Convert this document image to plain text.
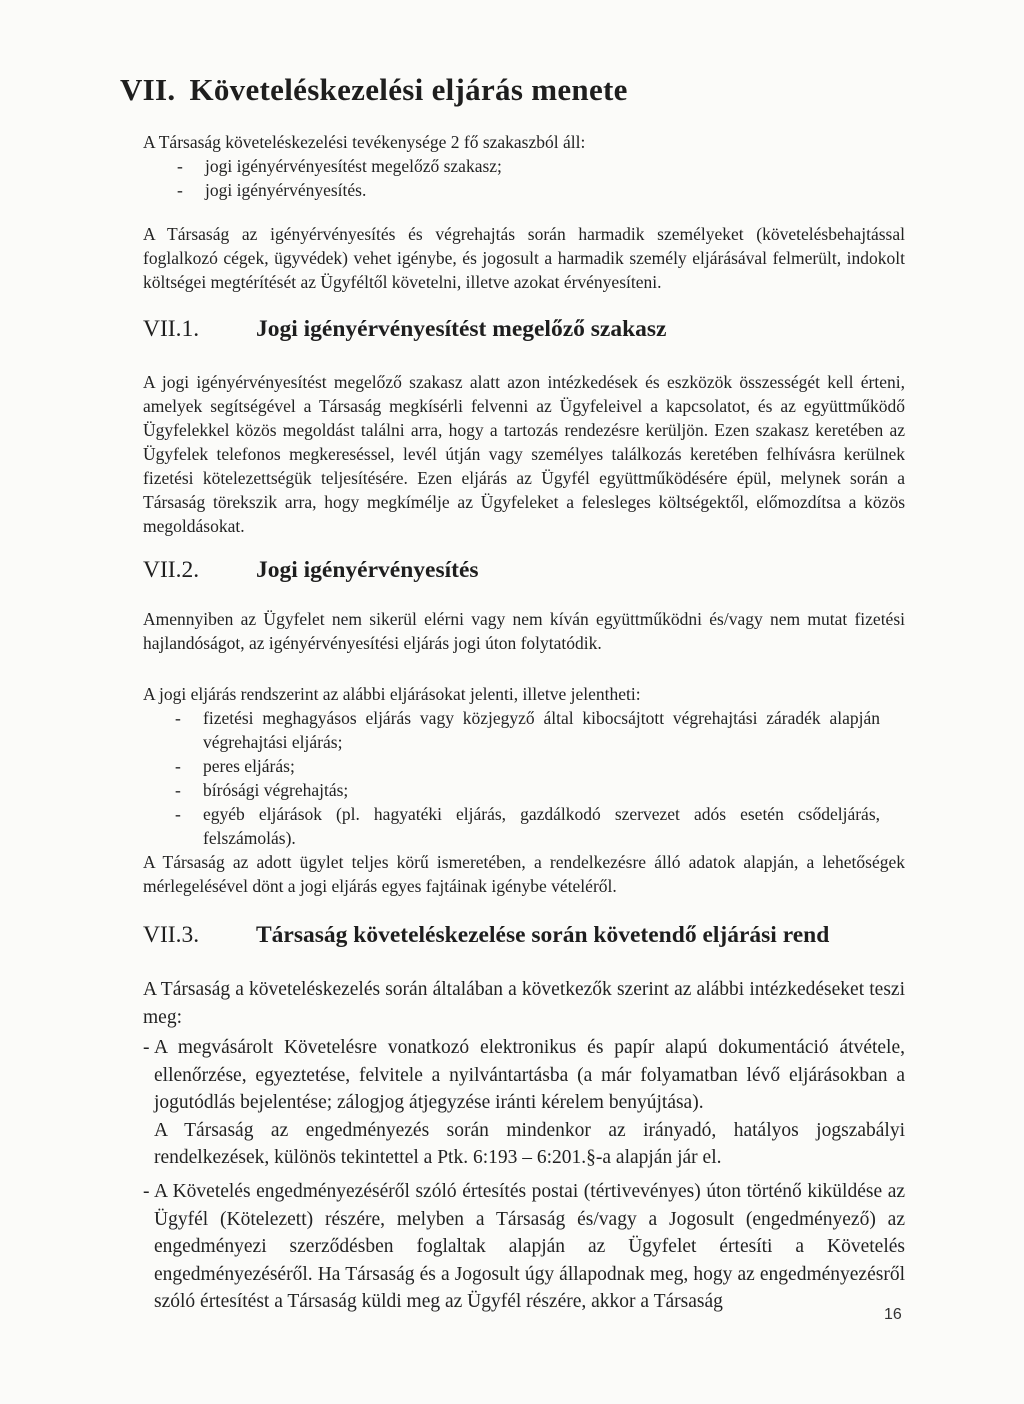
VII. Követeléskezelési eljárás menete

A Társaság követeléskezelési tevékenysége 2 fő szakaszból áll:

- jogi igényérvényesítést megelőző szakasz;
- jogi igényérvényesítés.

A Társaság az igényérvényesítés és végrehajtás során harmadik személyeket (követelésbehajtással foglalkozó cégek, ügyvédek) vehet igénybe, és jogosult a harmadik személy eljárásával felmerült, indokolt költségei megtérítését az Ügyféltől követelni, illetve azokat érvényesíteni.

VII.1. Jogi igényérvényesítést megelőző szakasz

A jogi igényérvényesítést megelőző szakasz alatt azon intézkedések és eszközök összességét kell érteni, amelyek segítségével a Társaság megkísérli felvenni az Ügyfeleivel a kapcsolatot, és az együttműködő Ügyfelekkel közös megoldást találni arra, hogy a tartozás rendezésre kerüljön. Ezen szakasz keretében az Ügyfelek telefonos megkereséssel, levél útján vagy személyes találkozás keretében felhívásra kerülnek fizetési kötelezettségük teljesítésére. Ezen eljárás az Ügyfél együttműködésére épül, melynek során a Társaság törekszik arra, hogy megkímélje az Ügyfeleket a felesleges költségektől, előmozdítsa a közös megoldásokat.

VII.2. Jogi igényérvényesítés

Amennyiben az Ügyfelet nem sikerül elérni vagy nem kíván együttműködni és/vagy nem mutat fizetési hajlandóságot, az igényérvényesítési eljárás jogi úton folytatódik.

A jogi eljárás rendszerint az alábbi eljárásokat jelenti, illetve jelentheti:

- fizetési meghagyásos eljárás vagy közjegyző által kibocsájtott végrehajtási záradék alapján végrehajtási eljárás;
- peres eljárás;
- bírósági végrehajtás;
- egyéb eljárások (pl. hagyatéki eljárás, gazdálkodó szervezet adós esetén csődeljárás, felszámolás).

A Társaság az adott ügylet teljes körű ismeretében, a rendelkezésre álló adatok alapján, a lehetőségek mérlegelésével dönt a jogi eljárás egyes fajtáinak igénybe vételéről.

VII.3. Társaság követeléskezelése során követendő eljárási rend

A Társaság a követeléskezelés során általában a következők szerint az alábbi intézkedéseket teszi meg:

- A megvásárolt Követelésre vonatkozó elektronikus és papír alapú dokumentáció átvétele, ellenőrzése, egyeztetése, felvitele a nyilvántartásba (a már folyamatban lévő eljárásokban a jogutódlás bejelentése; zálogjog átjegyzése iránti kérelem benyújtása).
A Társaság az engedményezés során mindenkor az irányadó, hatályos jogszabályi rendelkezések, különös tekintettel a Ptk. 6:193 – 6:201.§-a alapján jár el.
- A Követelés engedményezéséről szóló értesítés postai (tértivevényes) úton történő kiküldése az Ügyfél (Kötelezett) részére, melyben a Társaság és/vagy a Jogosult (engedményező) az engedményezi szerződésben foglaltak alapján az Ügyfelet értesíti a Követelés engedményezéséről. Ha Társaság és a Jogosult úgy állapodnak meg, hogy az engedményezésről szóló értesítést a Társaság küldi meg az Ügyfél részére, akkor a Társaság
16
